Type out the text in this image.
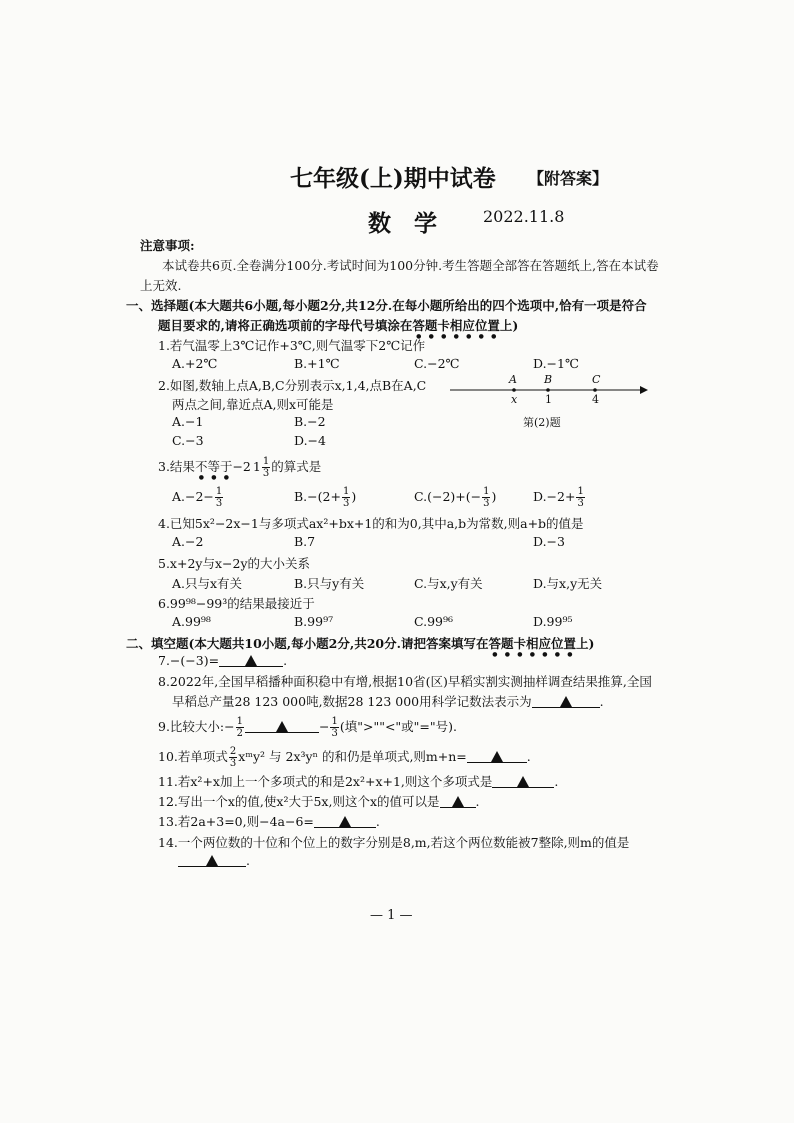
七年级(上)期中试卷 【附答案】
数　学	2022.11.8
注意事项:
本试卷共6页.全卷满分100分.考试时间为100分钟.考生答题全部答在答题纸上,答在本试卷
上无效.
一、选择题(本大题共6小题,每小题2分,共12分.在每小题所给出的四个选项中,恰有一项是符合
题目要求的,请将正确选项前的字母代号填涂在答题卡相应位置上)
1.若气温零上3℃记作+3℃,则气温零下2℃记作
A.+2℃	B.+1℃	C.−2℃	D.−1℃
2.如图,数轴上点A,B,C分别表示x,1,4,点B在A,C
两点之间,靠近点A,则x可能是
A.−1	B.−2
C.−3	D.−4
A B	C
x	1	4
第(2)题
3.结果不等于−2 $1 \frac{1}{3}$ 的算式是
$A.-2- \frac{1}{3}$	$B.-(2+ \frac{1}{3}$ )	$C.(-2)+(- \frac{1}{3}$ )	$D.-2+ \frac{1}{3}$
4.已知5x²−2x−1与多项式ax²+bx+1的和为0,其中a,b为常数,则a+b的值是
A.−2	B.7	D.−3
5.x+2y与x−2y的大小关系
A.只与x有关	B.只与y有关	C.与x,y有关	D.与x,y无关
6.99⁹⁸−99³的结果最接近于
A.99⁹⁸	B.99⁹⁷	C.99⁹⁶	D.99⁹⁵
二、填空题(本大题共10小题,每小题2分,共20分.请把答案填写在答题卡相应位置上)
7.−(−3)=	.
8.2022年,全国早稻播种面积稳中有增,根据10省(区)早稻实割实测抽样调查结果推算,全国
早稻总产量28 123 000吨,数据28 123 000用科学记数法表示为	.
9.比较大小:− $\frac{1}{2}$	− $\frac{1}{3}$ (填">""<"或"="号).
10.若单项式 $\frac{2}{3}$ xᵐy² 与 2x³yⁿ 的和仍是单项式,则m+n=	.
11.若x²+x加上一个多项式的和是2x²+x+1,则这个多项式是	.
12.写出一个x的值,使x²大于5x,则这个x的值可以是	.
13.若2a+3=0,则−4a−6=	.
14.一个两位数的十位和个位上的数字分别是8,m,若这个两位数能被7整除,则m的值是
.
— 1 —
